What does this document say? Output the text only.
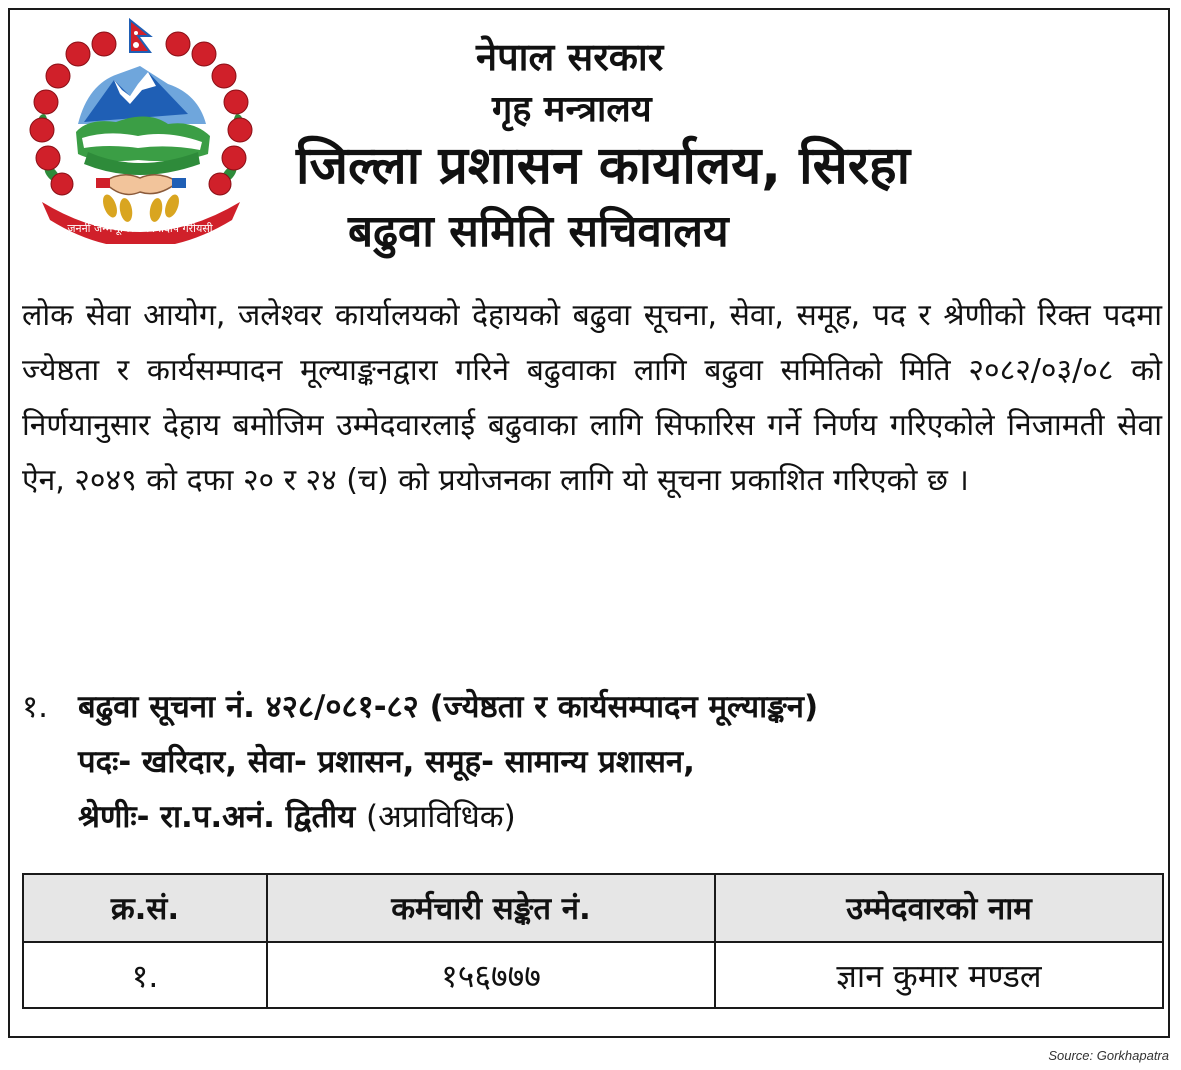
जननी जन्मभूमिश्च स्वर्गादपि गरीयसी
नेपाल सरकार
गृह मन्त्रालय
जिल्ला प्रशासन कार्यालय, सिरहा
बढुवा समिति सचिवालय

लोक सेवा आयोग, जलेश्वर कार्यालयको देहायको बढुवा सूचना, सेवा, समूह, पद र श्रेणीको रिक्त पदमा ज्येष्ठता र कार्यसम्पादन मूल्याङ्कनद्वारा गरिने बढुवाका लागि बढुवा समितिको मिति २०८२/०३/०८ को निर्णयानुसार देहाय बमोजिम उम्मेदवारलाई बढुवाका लागि सिफारिस गर्ने निर्णय गरिएकोले निजामती सेवा ऐन, २०४९ को दफा २० र २४ (च) को प्रयोजनका लागि यो सूचना प्रकाशित गरिएको छ ।

१. बढुवा सूचना नं. ४२८/०८१-८२ (ज्येष्ठता र कार्यसम्पादन मूल्याङ्कन)
पदः- खरिदार, सेवा- प्रशासन, समूह- सामान्य प्रशासन,
श्रेणीः- रा.प.अनं. द्वितीय (अप्राविधिक)
क्र.सं.	कर्मचारी सङ्केत नं.	उम्मेदवारको नाम
१.	१५६७७७	ज्ञान कुमार मण्डल
Source: Gorkhapatra
